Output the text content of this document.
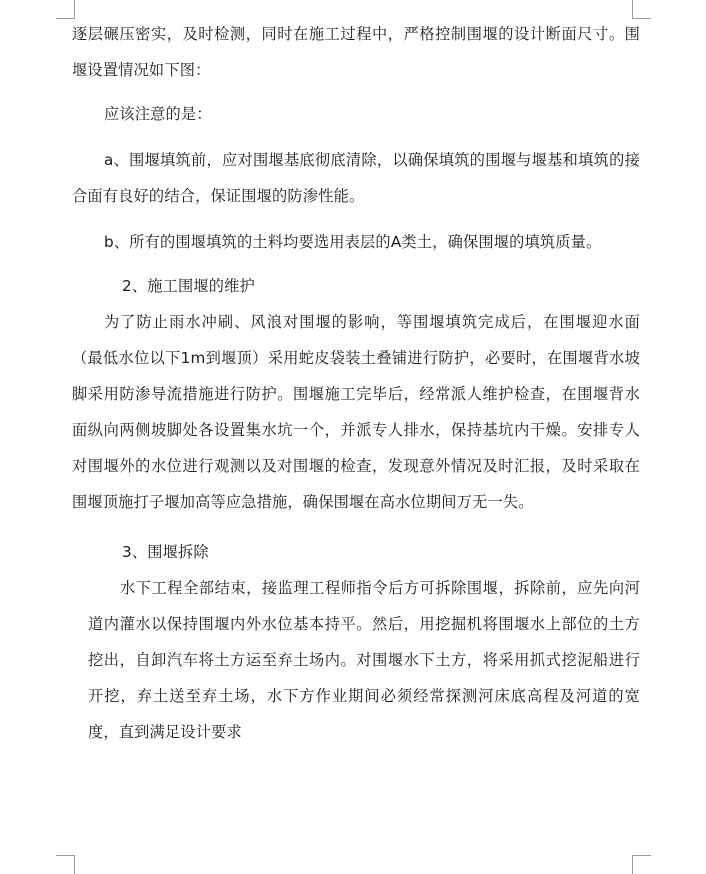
逐层碾压密实，及时检测，同时在施工过程中，严格控制围堰的设计断面尺寸。围堰设置情况如下图：

应该注意的是：

a、围堰填筑前，应对围堰基底彻底清除，以确保填筑的围堰与堰基和填筑的接合面有良好的结合，保证围堰的防渗性能。

b、所有的围堰填筑的土料均要选用表层的A类土，确保围堰的填筑质量。

2、施工围堰的维护

为了防止雨水冲刷、风浪对围堰的影响，等围堰填筑完成后，在围堰迎水面（最低水位以下1m到堰顶）采用蛇皮袋装土叠铺进行防护，必要时，在围堰背水坡脚采用防渗导流措施进行防护。围堰施工完毕后，经常派人维护检查，在围堰背水面纵向两侧坡脚处各设置集水坑一个，并派专人排水，保持基坑内干燥。安排专人对围堰外的水位进行观测以及对围堰的检查，发现意外情况及时汇报，及时采取在围堰顶施打子堰加高等应急措施，确保围堰在高水位期间万无一失。

3、围堰拆除

水下工程全部结束，接监理工程师指令后方可拆除围堰，拆除前，应先向河道内灌水以保持围堰内外水位基本持平。然后，用挖掘机将围堰水上部位的土方挖出，自卸汽车将土方运至弃土场内。对围堰水下土方，将采用抓式挖泥船进行开挖，弃土送至弃土场，水下方作业期间必须经常探测河床底高程及河道的宽度，直到满足设计要求
